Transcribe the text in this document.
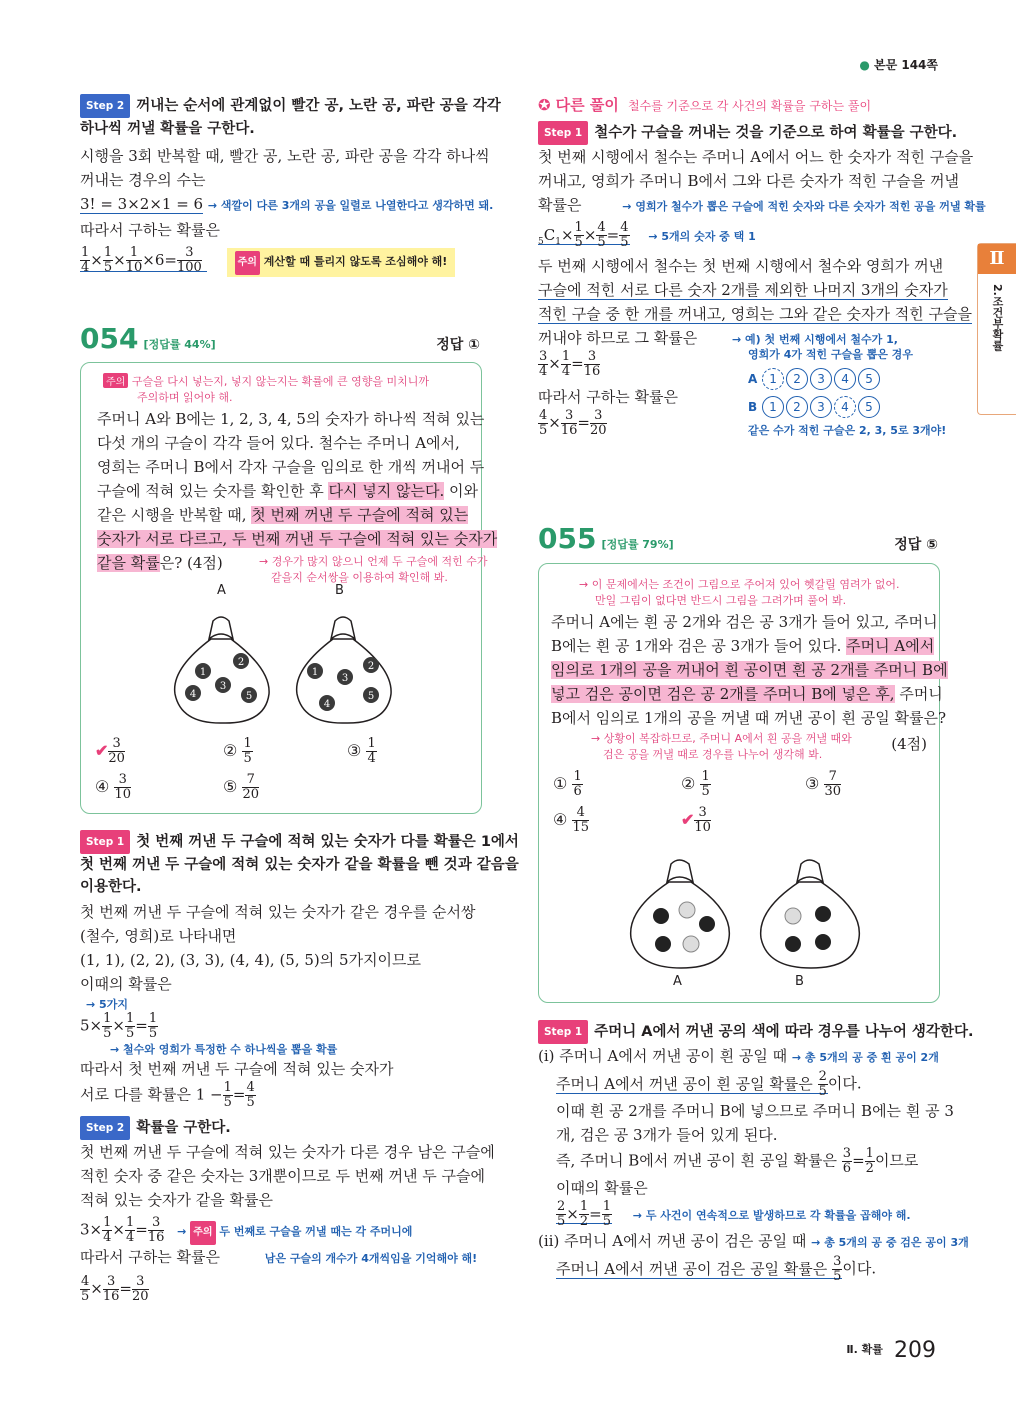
● 본문 144쪽
Ⅱ
2.조건부확률
Step 2 꺼내는 순서에 관계없이 빨간 공, 노란 공, 파란 공을 각각
하나씩 꺼낼 확률을 구한다.
시행을 3회 반복할 때, 빨간 공, 노란 공, 파란 공을 각각 하나씩
꺼내는 경우의 수는
3! = 3×2×1 = 6 → 색깔이 다른 3개의 공을 일렬로 나열한다고 생각하면 돼.
따라서 구하는 확률은
$\frac{1}{4} \times \frac{1}{5} \times \frac{1}{10} \times 6= \frac{3}{100}$	주의 계산할 때 틀리지 않도록 조심해야 해!
054 [정답률 44%]	정답 ①
주의 구슬을 다시 넣는지, 넣지 않는지는 확률에 큰 영향을 미치니까
주의하며 읽어야 해.
주머니 A와 B에는 1, 2, 3, 4, 5의 숫자가 하나씩 적혀 있는
다섯 개의 구슬이 각각 들어 있다. 철수는 주머니 A에서,
영희는 주머니 B에서 각자 구슬을 임의로 한 개씩 꺼내어 두
구슬에 적혀 있는 숫자를 확인한 후 다시 넣지 않는다. 이와
같은 시행을 반복할 때, 첫 번째 꺼낸 두 구슬에 적혀 있는
숫자가 서로 다르고, 두 번째 꺼낸 두 구슬에 적혀 있는 숫자가
같을 확률은? (4점)	→ 경우가 많지 않으니 언제 두 구슬에 적힌 수가
같을지 순서쌍을 이용하여 확인해 봐.
A	B
1
2
3
4	5
1
2
3
4
5
✔ $\frac{3}{20}$	② $\frac{1}{5}$	③ $\frac{1}{4}$
④ $\frac{3}{10}$	⑤ $\frac{7}{20}$
Step 1 첫 번째 꺼낸 두 구슬에 적혀 있는 숫자가 다를 확률은 1에서
첫 번째 꺼낸 두 구슬에 적혀 있는 숫자가 같을 확률을 뺀 것과 같음을
이용한다.
첫 번째 꺼낸 두 구슬에 적혀 있는 숫자가 같은 경우를 순서쌍
(철수, 영희)로 나타내면
(1, 1), (2, 2), (3, 3), (4, 4), (5, 5)의 5가지이므로
이때의 확률은
→ 5가지
$5\times \frac{1}{5} \times \frac{1}{5} = \frac{1}{5}$
→ 철수와 영희가 특정한 수 하나씩을 뽑을 확률
따라서 첫 번째 꺼낸 두 구슬에 적혀 있는 숫자가
서로 다를 확률은 $1 - \frac{1}{5} = \frac{4}{5}$
Step 2 확률을 구한다.
첫 번째 꺼낸 두 구슬에 적혀 있는 숫자가 다른 경우 남은 구슬에
적힌 숫자 중 같은 숫자는 3개뿐이므로 두 번째 꺼낸 두 구슬에
적혀 있는 숫자가 같을 확률은
$3\times \frac{1}{4} \times \frac{1}{4} = \frac{3}{16}$ → 주의 두 번째로 구슬을 꺼낼 때는 각 주머니에
따라서 구하는 확률은	남은 구슬의 개수가 4개씩임을 기억해야 해!
$\frac{4}{5} \times \frac{3}{16} = \frac{3}{20}$
✪ 다른 풀이 철수를 기준으로 각 사건의 확률을 구하는 풀이
Step 1 철수가 구슬을 꺼내는 것을 기준으로 하여 확률을 구한다.
첫 번째 시행에서 철수는 주머니 A에서 어느 한 숫자가 적힌 구슬을
꺼내고, 영희가 주머니 B에서 그와 다른 숫자가 적힌 구슬을 꺼낼
확률은	→ 영희가 철수가 뽑은 구슬에 적힌 숫자와 다른 숫자가 적힌 공을 꺼낼 확률
$_5C_1\times \frac{1}{5} \times \frac{4}{5} = \frac{4}{5} \to 5$개의 숫자 중 택 1
두 번째 시행에서 철수는 첫 번째 시행에서 철수와 영희가 꺼낸
구슬에 적힌 서로 다른 숫자 2개를 제외한 나머지 3개의 숫자가
적힌 구슬 중 한 개를 꺼내고, 영희는 그와 같은 숫자가 적힌 구슬을
꺼내야 하므로 그 확률은	→ 예) 첫 번째 시행에서 철수가 1,
$\frac{3}{4} \times \frac{1}{4} = \frac{3}{16}$
따라서 구하는 확률은
$\frac{4}{5} \times \frac{3}{16} = \frac{3}{20}$
영희가 4가 적힌 구슬을 뽑은 경우
A 1 2 3 4 5
B 1 2 3 4 5
같은 수가 적힌 구슬은 2, 3, 5로 3개야!
055 [정답률 79%]	정답 ⑤
→ 이 문제에서는 조건이 그림으로 주어져 있어 헷갈릴 염려가 없어.
만일 그림이 없다면 반드시 그림을 그려가며 풀어 봐.
주머니 A에는 흰 공 2개와 검은 공 3개가 들어 있고, 주머니
B에는 흰 공 1개와 검은 공 3개가 들어 있다. 주머니 A에서
임의로 1개의 공을 꺼내어 흰 공이면 흰 공 2개를 주머니 B에
넣고 검은 공이면 검은 공 2개를 주머니 B에 넣은 후, 주머니
B에서 임의로 1개의 공을 꺼낼 때 꺼낸 공이 흰 공일 확률은?
→ 상황이 복잡하므로, 주머니 A에서 흰 공을 꺼낼 때와
검은 공을 꺼낼 때로 경우를 나누어 생각해 봐.
(4점)
① $\frac{1}{6}$	② $\frac{1}{5}$	③ $\frac{7}{30}$
④ $\frac{4}{15}$	✔ $\frac{3}{10}$
A	B
Step 1 주머니 A에서 꺼낸 공의 색에 따라 경우를 나누어 생각한다.
(ⅰ) 주머니 A에서 꺼낸 공이 흰 공일 때 → 총 5개의 공 중 흰 공이 2개
주머니 A에서 꺼낸 공이 흰 공일 확률은 $\frac{2}{5}$ 이다.
이때 흰 공 2개를 주머니 B에 넣으므로 주머니 B에는 흰 공 3
개, 검은 공 3개가 들어 있게 된다.
즉, 주머니 B에서 꺼낸 공이 흰 공일 확률은 $\frac{3}{6} = \frac{1}{2}$ 이므로
이때의 확률은
$\frac{2}{5} \times \frac{1}{2} = \frac{1}{5}$ → 두 사건이 연속적으로 발생하므로 각 확률을 곱해야 해.
(ⅱ) 주머니 A에서 꺼낸 공이 검은 공일 때 → 총 5개의 공 중 검은 공이 3개
주머니 A에서 꺼낸 공이 검은 공일 확률은 $\frac{3}{5}$ 이다.
$^{Ⅱ. 확률}$ 209
